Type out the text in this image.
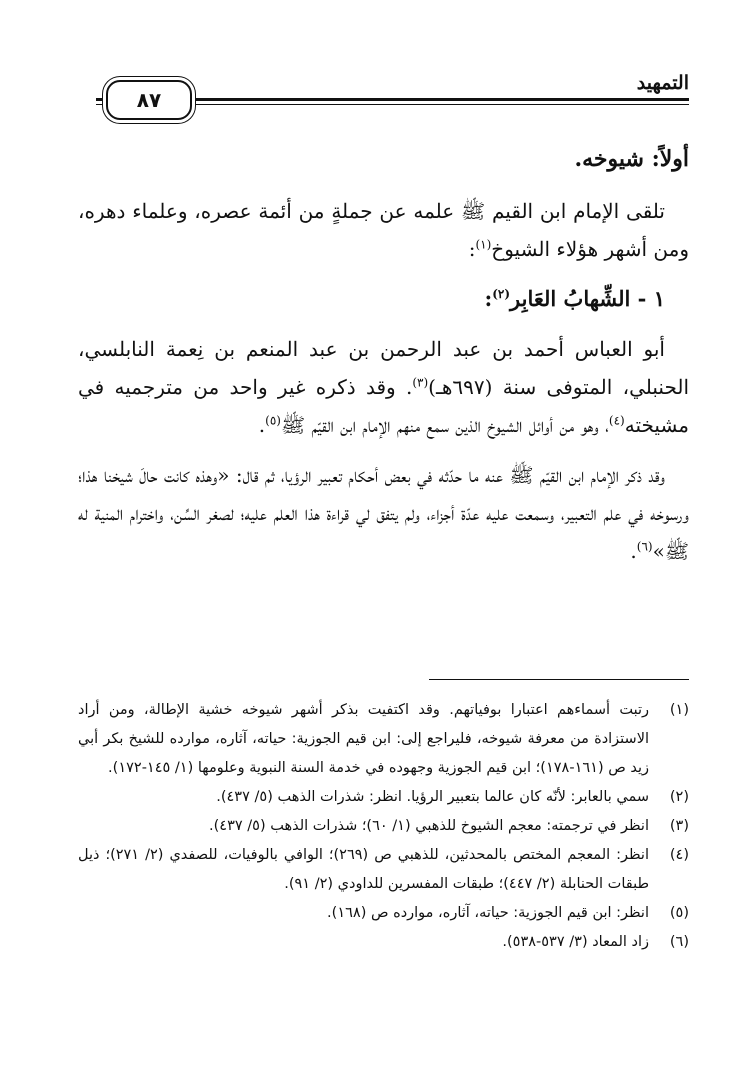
التمهيد
٨٧
أولاً: شيوخه.

تلقى الإمام ابن القيم ﷺ علمه عن جملةٍ من أئمة عصره، وعلماء دهره، ومن أشهر هؤلاء الشيوخ$^{(١)}$:

١ - الشِّهابُ العَابِر$^{(٢)}$:

أبو العباس أحمد بن عبد الرحمن بن عبد المنعم بن نِعمة النابلسي، الحنبلي، المتوفى سنة (٦٩٧هـ)$^{(٣)}$. وقد ذكره غير واحد من مترجميه في مشيخته$^{(٤)}$، وهو من أوائل الشيوخ الذين سمع منهم الإمام ابن القيّم ﷺ$^{(٥)}$.

وقد ذكر الإمام ابن القيّم ﷺ عنه ما حدّثه في بعض أحكام تعبير الرؤيا، ثم قال: «وهذه كانت حالَ شيخنا هذا؛ ورسوخه في علم التعبير، وسمعت عليه عدّة أجزاء، ولم يتفق لي قراءة هذا العلم عليه؛ لصغر السِّن، واخترام المنية له ﷺ»$^{(٦)}$.

(١)
رتبت أسماءهم اعتبارا بوفياتهم. وقد اكتفيت بذكر أشهر شيوخه خشية الإطالة، ومن أراد الاستزادة من معرفة شيوخه، فليراجع إلى: ابن قيم الجوزية: حياته، آثاره، موارده للشيخ بكر أبي زيد ص (١٦١-١٧٨)؛ ابن قيم الجوزية وجهوده في خدمة السنة النبوية وعلومها (١/ ١٤٥-١٧٢).
(٢)
سمي بالعابر: لأنّه كان عالما بتعبير الرؤيا. انظر: شذرات الذهب (٥/ ٤٣٧).
(٣)
انظر في ترجمته: معجم الشيوخ للذهبي (١/ ٦٠)؛ شذرات الذهب (٥/ ٤٣٧).
(٤)
انظر: المعجم المختص بالمحدثين، للذهبي ص (٢٦٩)؛ الوافي بالوفيات، للصفدي (٢/ ٢٧١)؛ ذيل طبقات الحنابلة (٢/ ٤٤٧)؛ طبقات المفسرين للداودي (٢/ ٩١).
(٥)
انظر: ابن قيم الجوزية: حياته، آثاره، موارده ص (١٦٨).
(٦)
زاد المعاد (٣/ ٥٣٧-٥٣٨).
